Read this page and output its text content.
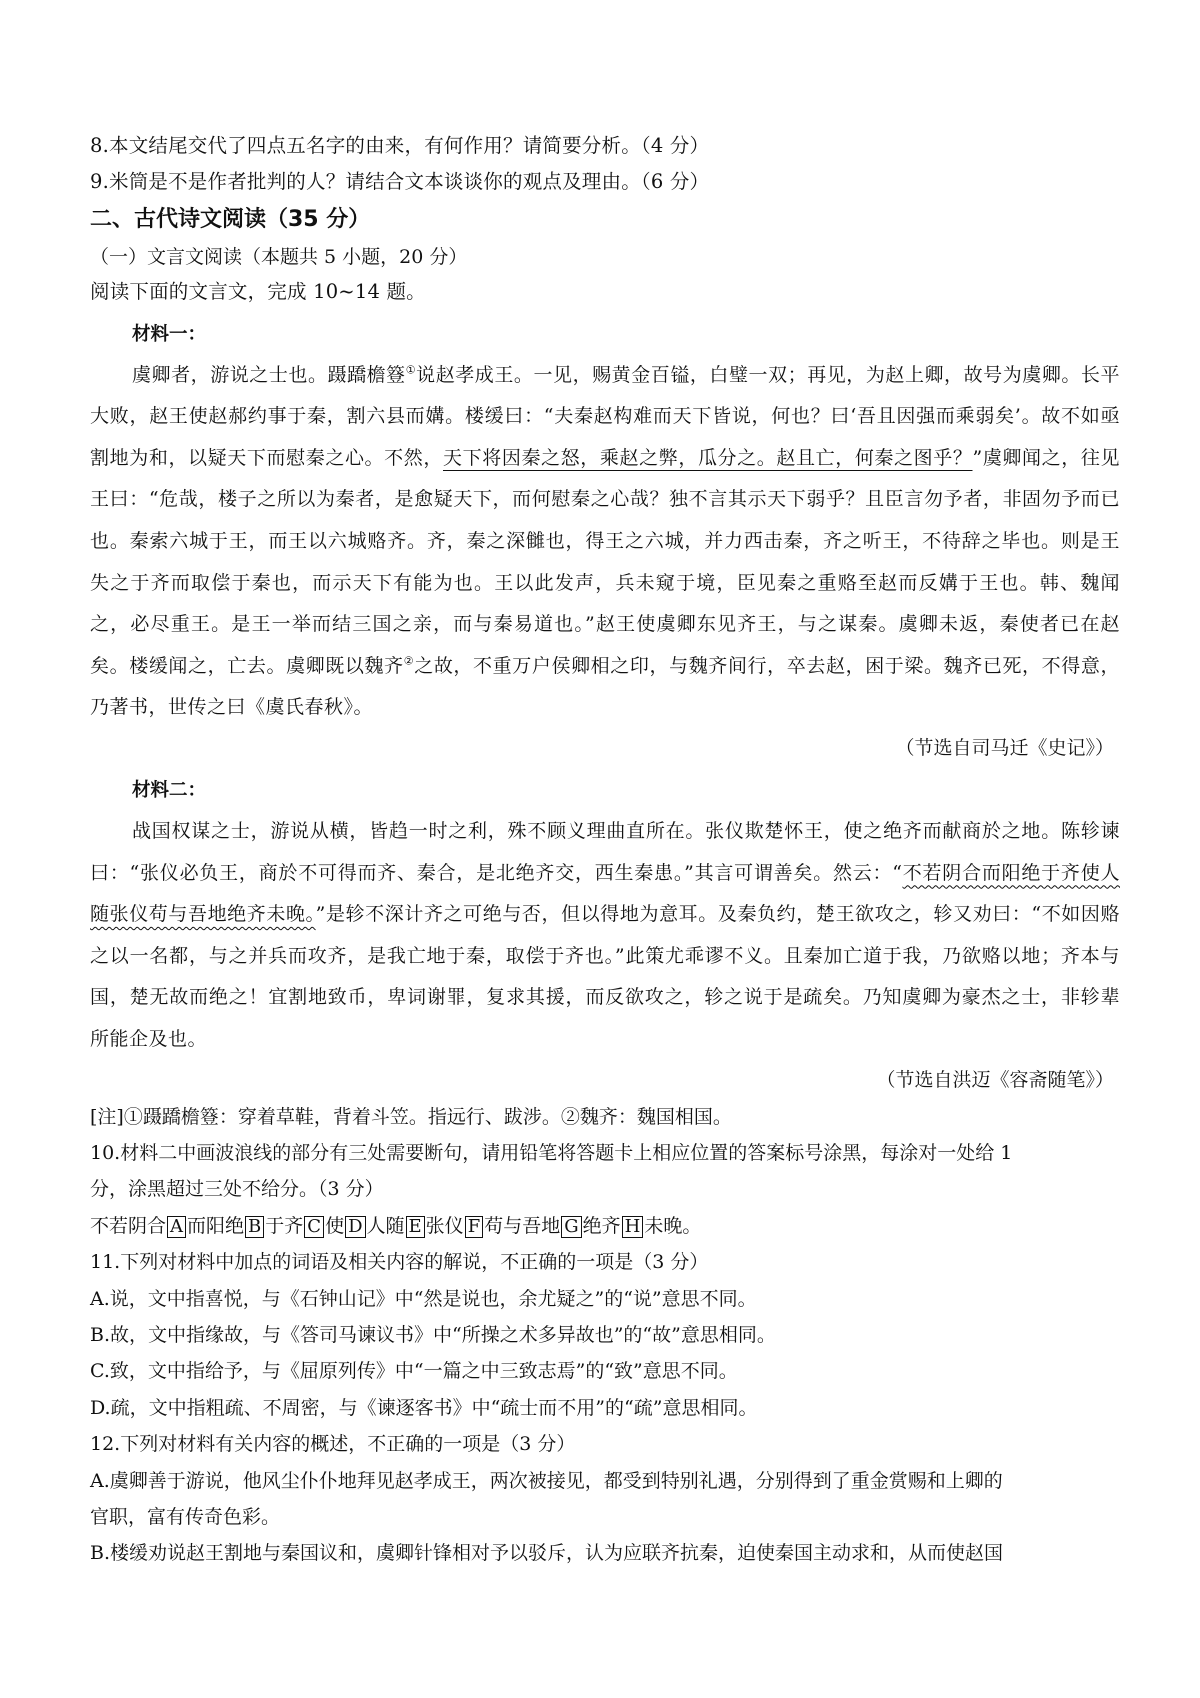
8.本文结尾交代了四点五名字的由来，有何作用？请简要分析。（4 分）
9.米筒是不是作者批判的人？请结合文本谈谈你的观点及理由。（6 分）
二、古代诗文阅读（35 分）
（一）文言文阅读（本题共 5 小题，20 分）
阅读下面的文言文，完成 10~14 题。
材料一：

虞卿者，游说之士也。蹑蹻檐簦①说赵孝成王。一见，赐黄金百镒，白璧一双；再见，为赵上卿，故号为虞卿。长平大败，赵王使赵郝约事于秦，割六县而媾。楼缓曰：“夫秦赵构难而天下皆说，何也？曰‘吾且因强而乘弱矣’。故不如亟割地为和，以疑天下而慰秦之心。不然，天下将因秦之怒，乘赵之弊，瓜分之。赵且亡，何秦之图乎？”虞卿闻之，往见王曰：“危哉，楼子之所以为秦者，是愈疑天下，而何慰秦之心哉？独不言其示天下弱乎？且臣言勿予者，非固勿予而已也。秦索六城于王，而王以六城赂齐。齐，秦之深雠也，得王之六城，并力西击秦，齐之听王，不待辞之毕也。则是王失之于齐而取偿于秦也，而示天下有能为也。王以此发声，兵未窥于境，臣见秦之重赂至赵而反媾于王也。韩、魏闻之，必尽重王。是王一举而结三国之亲，而与秦易道也。”赵王使虞卿东见齐王，与之谋秦。虞卿未返，秦使者已在赵矣。楼缓闻之，亡去。虞卿既以魏齐②之故，不重万户侯卿相之印，与魏齐间行，卒去赵，困于梁。魏齐已死，不得意，乃著书，世传之曰《虞氏春秋》。

（节选自司马迁《史记》）
材料二：

战国权谋之士，游说从横，皆趋一时之利，殊不顾义理曲直所在。张仪欺楚怀王，使之绝齐而献商於之地。陈轸谏曰：“张仪必负王，商於不可得而齐、秦合，是北绝齐交，西生秦患。”其言可谓善矣。然云：“不若阴合而阳绝于齐使人随张仪苟与吾地绝齐未晚。”是轸不深计齐之可绝与否，但以得地为意耳。及秦负约，楚王欲攻之，轸又劝曰：“不如因赂之以一名都，与之并兵而攻齐，是我亡地于秦，取偿于齐也。”此策尤乖谬不义。且秦加亡道于我，乃欲赂以地；齐本与国，楚无故而绝之！宜割地致币，卑词谢罪，复求其援，而反欲攻之，轸之说于是疏矣。乃知虞卿为豪杰之士，非轸辈所能企及也。

（节选自洪迈《容斋随笔》）
[注]①蹑蹻檐簦：穿着草鞋，背着斗笠。指远行、跋涉。②魏齐：魏国相国。
10.材料二中画波浪线的部分有三处需要断句，请用铅笔将答题卡上相应位置的答案标号涂黑，每涂对一处给 1
分，涂黑超过三处不给分。（3 分）
不若阴合 A 而阳绝 B 于齐 C 使 D 人随 E 张仪 F 苟与吾地 G 绝齐 H 未晚。
11.下列对材料中加点的词语及相关内容的解说，不正确的一项是（3 分）
A.说，文中指喜悦，与《石钟山记》中“然是说也，余尤疑之”的“说”意思不同。
B.故，文中指缘故，与《答司马谏议书》中“所操之术多异故也”的“故”意思相同。
C.致，文中指给予，与《屈原列传》中“一篇之中三致志焉”的“致”意思不同。
D.疏，文中指粗疏、不周密，与《谏逐客书》中“疏士而不用”的“疏”意思相同。
12.下列对材料有关内容的概述，不正确的一项是（3 分）
A.虞卿善于游说，他风尘仆仆地拜见赵孝成王，两次被接见，都受到特别礼遇，分别得到了重金赏赐和上卿的
官职，富有传奇色彩。
B.楼缓劝说赵王割地与秦国议和，虞卿针锋相对予以驳斥，认为应联齐抗秦，迫使秦国主动求和，从而使赵国
